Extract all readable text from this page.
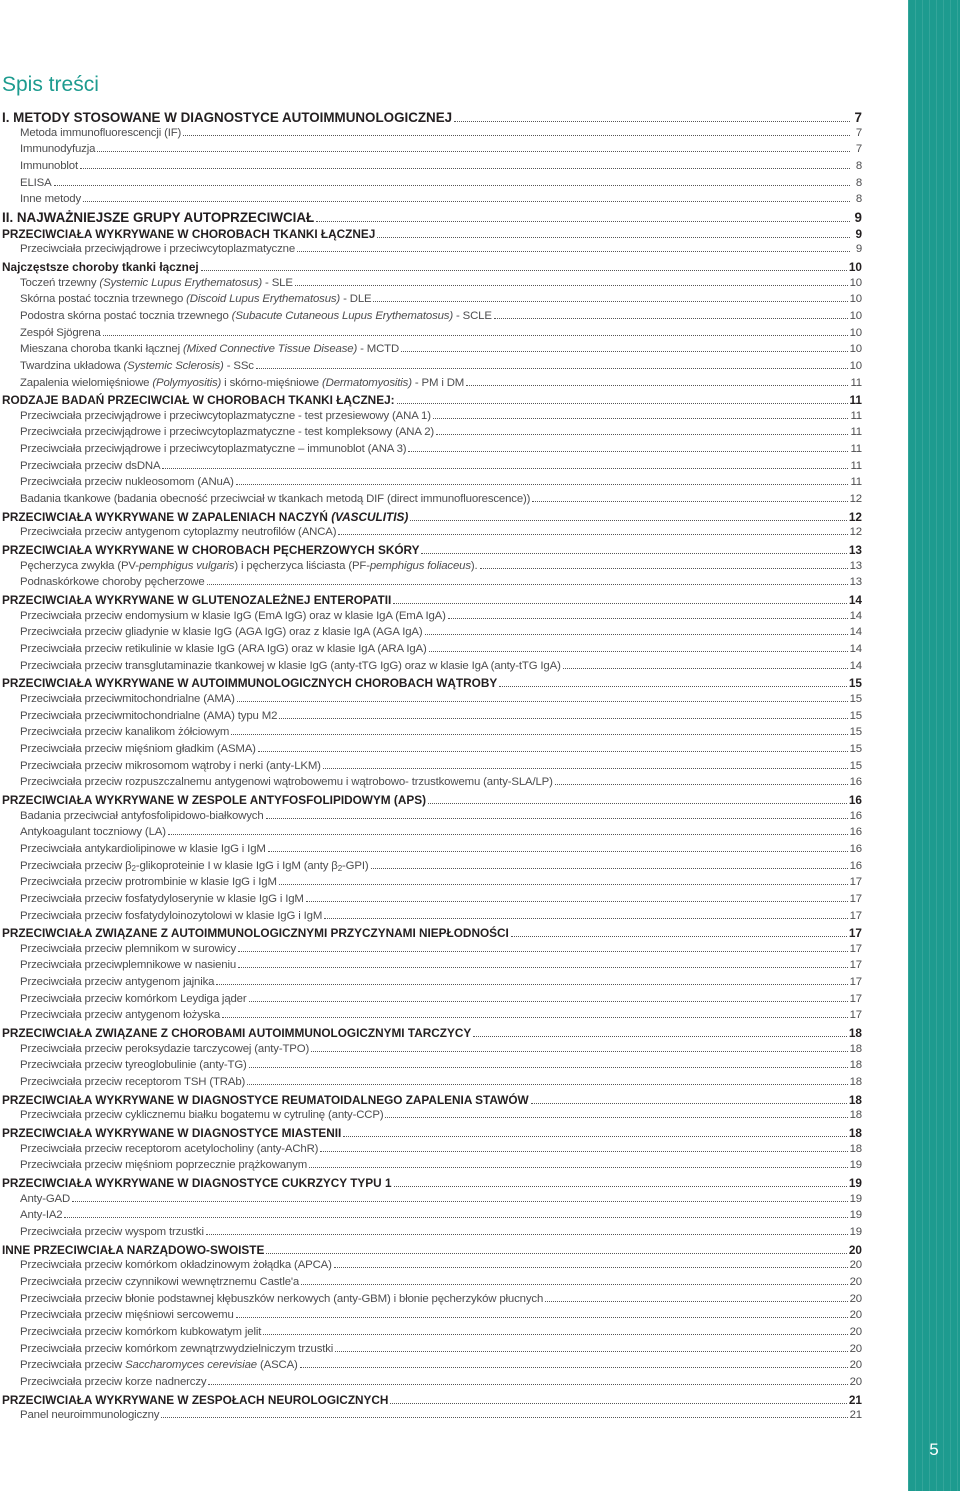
5
Spis treści
I. METODY STOSOWANE W DIAGNOSTYCE AUTOIMMUNOLOGICZNEJ	7
Metoda immunofluorescencji (IF)	7
Immunodyfuzja	7
Immunoblot	8
ELISA	8
Inne metody	8
II. NAJWAŻNIEJSZE GRUPY AUTOPRZECIWCIAŁ	9
PRZECIWCIAŁA WYKRYWANE W CHOROBACH TKANKI ŁĄCZNEJ	9
Przeciwciała przeciwjądrowe i przeciwcytoplazmatyczne	9
Najczęstsze choroby tkanki łącznej	10
Toczeń trzewny (Systemic Lupus Erythematosus) - SLE	10
Skórna postać tocznia trzewnego (Discoid Lupus Erythematosus) - DLE	10
Podostra skórna postać tocznia trzewnego (Subacute Cutaneous Lupus Erythematosus) - SCLE	10
Zespół Sjögrena	10
Mieszana choroba tkanki łącznej (Mixed Connective Tissue Disease) - MCTD	10
Twardzina układowa (Systemic Sclerosis) - SSc	10
Zapalenia wielomięśniowe (Polymyositis) i skórno-mięśniowe (Dermatomyositis) - PM i DM	11
RODZAJE BADAŃ PRZECIWCIAŁ W CHOROBACH TKANKI ŁĄCZNEJ:	11
Przeciwciała przeciwjądrowe i przeciwcytoplazmatyczne - test przesiewowy (ANA 1)	11
Przeciwciała przeciwjądrowe i przeciwcytoplazmatyczne - test kompleksowy (ANA 2)	11
Przeciwciała przeciwjądrowe i przeciwcytoplazmatyczne – immunoblot (ANA 3)	11
Przeciwciała przeciw dsDNA	11
Przeciwciała przeciw nukleosomom (ANuA)	11
Badania tkankowe (badania obecność przeciwciał w tkankach metodą DIF (direct immunofluorescence))	12
PRZECIWCIAŁA WYKRYWANE W ZAPALENIACH NACZYŃ (VASCULITIS)	12
Przeciwciała przeciw antygenom cytoplazmy neutrofilów (ANCA)	12
PRZECIWCIAŁA WYKRYWANE W CHOROBACH PĘCHERZOWYCH SKÓRY	13
Pęcherzyca zwykła (PV-pemphigus vulgaris) i pęcherzyca liściasta (PF-pemphigus foliaceus).	13
Podnaskórkowe choroby pęcherzowe	13
PRZECIWCIAŁA WYKRYWANE W GLUTENOZALEŻNEJ ENTEROPATII	14
Przeciwciała przeciw endomysium w klasie IgG (EmA IgG) oraz w klasie IgA (EmA IgA)	14
Przeciwciała przeciw gliadynie w klasie IgG (AGA IgG) oraz z klasie IgA (AGA IgA)	14
Przeciwciała przeciw retikulinie w klasie IgG (ARA IgG) oraz w klasie IgA (ARA IgA)	14
Przeciwciała przeciw transglutaminazie tkankowej w klasie IgG (anty-tTG IgG) oraz w klasie IgA (anty-tTG IgA)	14
PRZECIWCIAŁA WYKRYWANE W AUTOIMMUNOLOGICZNYCH CHOROBACH WĄTROBY	15
Przeciwciała przeciwmitochondrialne (AMA)	15
Przeciwciała przeciwmitochondrialne (AMA) typu M2	15
Przeciwciała przeciw kanalikom żółciowym	15
Przeciwciała przeciw mięśniom gładkim (ASMA)	15
Przeciwciała przeciw mikrosomom wątroby i nerki (anty-LKM)	15
Przeciwciała przeciw rozpuszczalnemu antygenowi wątrobowemu i wątrobowo- trzustkowemu (anty-SLA/LP)	16
PRZECIWCIAŁA WYKRYWANE W ZESPOLE ANTYFOSFOLIPIDOWYM (APS)	16
Badania przeciwciał antyfosfolipidowo-białkowych	16
Antykoagulant toczniowy (LA)	16
Przeciwciała antykardiolipinowe w klasie IgG i IgM	16
Przeciwciała przeciw $\beta_2$-glikoproteinie I w klasie IgG i IgM (anty $\beta_2-GPI$)	16
Przeciwciała przeciw protrombinie w klasie IgG i IgM	17
Przeciwciała przeciw fosfatydyloserynie w klasie IgG i IgM	17
Przeciwciała przeciw fosfatydyloinozytolowi w klasie IgG i IgM	17
PRZECIWCIAŁA ZWIĄZANE Z AUTOIMMUNOLOGICZNYMI PRZYCZYNAMI NIEPŁODNOŚCI	17
Przeciwciała przeciw plemnikom w surowicy	17
Przeciwciała przeciwplemnikowe w nasieniu	17
Przeciwciała przeciw antygenom jajnika	17
Przeciwciała przeciw komórkom Leydiga jąder	17
Przeciwciała przeciw antygenom łożyska	17
PRZECIWCIAŁA ZWIĄZANE Z CHOROBAMI AUTOIMMUNOLOGICZNYMI TARCZYCY	18
Przeciwciała przeciw peroksydazie tarczycowej (anty-TPO)	18
Przeciwciała przeciw tyreoglobulinie (anty-TG)	18
Przeciwciała przeciw receptorom TSH (TRAb)	18
PRZECIWCIAŁA WYKRYWANE W DIAGNOSTYCE REUMATOIDALNEGO ZAPALENIA STAWÓW	18
Przeciwciała przeciw cyklicznemu białku bogatemu w cytrulinę (anty-CCP)	18
PRZECIWCIAŁA WYKRYWANE W DIAGNOSTYCE MIASTENII	18
Przeciwciała przeciw receptorom acetylocholiny (anty-AChR)	18
Przeciwciała przeciw mięśniom poprzecznie prążkowanym	19
PRZECIWCIAŁA WYKRYWANE W DIAGNOSTYCE CUKRZYCY TYPU 1	19
Anty-GAD	19
Anty-IA2	19
Przeciwciała przeciw wyspom trzustki	19
INNE PRZECIWCIAŁA NARZĄDOWO-SWOISTE	20
Przeciwciała przeciw komórkom okładzinowym żołądka (APCA)	20
Przeciwciała przeciw czynnikowi wewnętrznemu Castle'a	20
Przeciwciała przeciw błonie podstawnej kłębuszków nerkowych (anty-GBM) i błonie pęcherzyków płucnych	20
Przeciwciała przeciw mięśniowi sercowemu	20
Przeciwciała przeciw komórkom kubkowatym jelit	20
Przeciwciała przeciw komórkom zewnątrzwydzielniczym trzustki	20
Przeciwciała przeciw Saccharomyces cerevisiae (ASCA)	20
Przeciwciała przeciw korze nadnerczy	20
PRZECIWCIAŁA WYKRYWANE W ZESPOŁACH NEUROLOGICZNYCH	21
Panel neuroimmunologiczny	21
